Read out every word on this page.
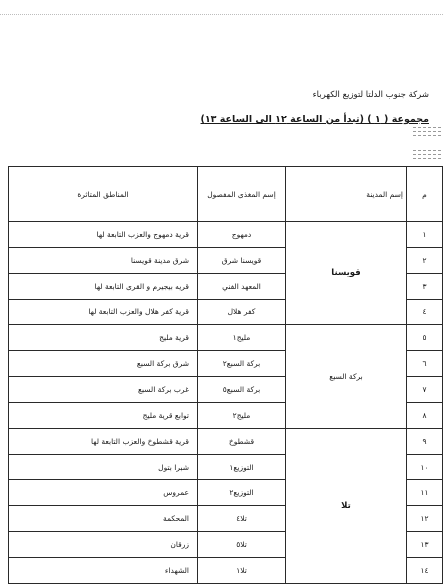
شركة جنوب الدلتا لتوزيع الكهرباء
مجموعة ( ١ ) (تبدأ من الساعة ١٢ الى الساعة ١٣)
م	إسم المدينة	إسم المغذى المفصول	المناطق المتاثرة
١	قويسنا	دمهوج	قرية دمهوج والعزب التابعة لها
٢		قويسنا شرق	شرق مدينة قويسنا
٣		المعهد الفني	قريه بيجيرم و القرى التابعة لها
٤		كفر هلال	قرية كفر هلال والعزب التابعة لها
٥	بركة السبع	مليج١	قرية مليج
٦		بركة السبع٢	شرق بركة السبع
٧		بركة السبع٥	غرب بركة السبع
٨		مليج٢	توابع قرية مليج
٩	تلا	قشطوخ	قرية قشطوخ والعزب التابعة لها
١٠		التوزيع١	شبرا بتول
١١		التوزيع٢	عمروس
١٢		تلا٤	المحكمة
١٣		تلا٥	زرقان
١٤		تلا١	الشهداء
